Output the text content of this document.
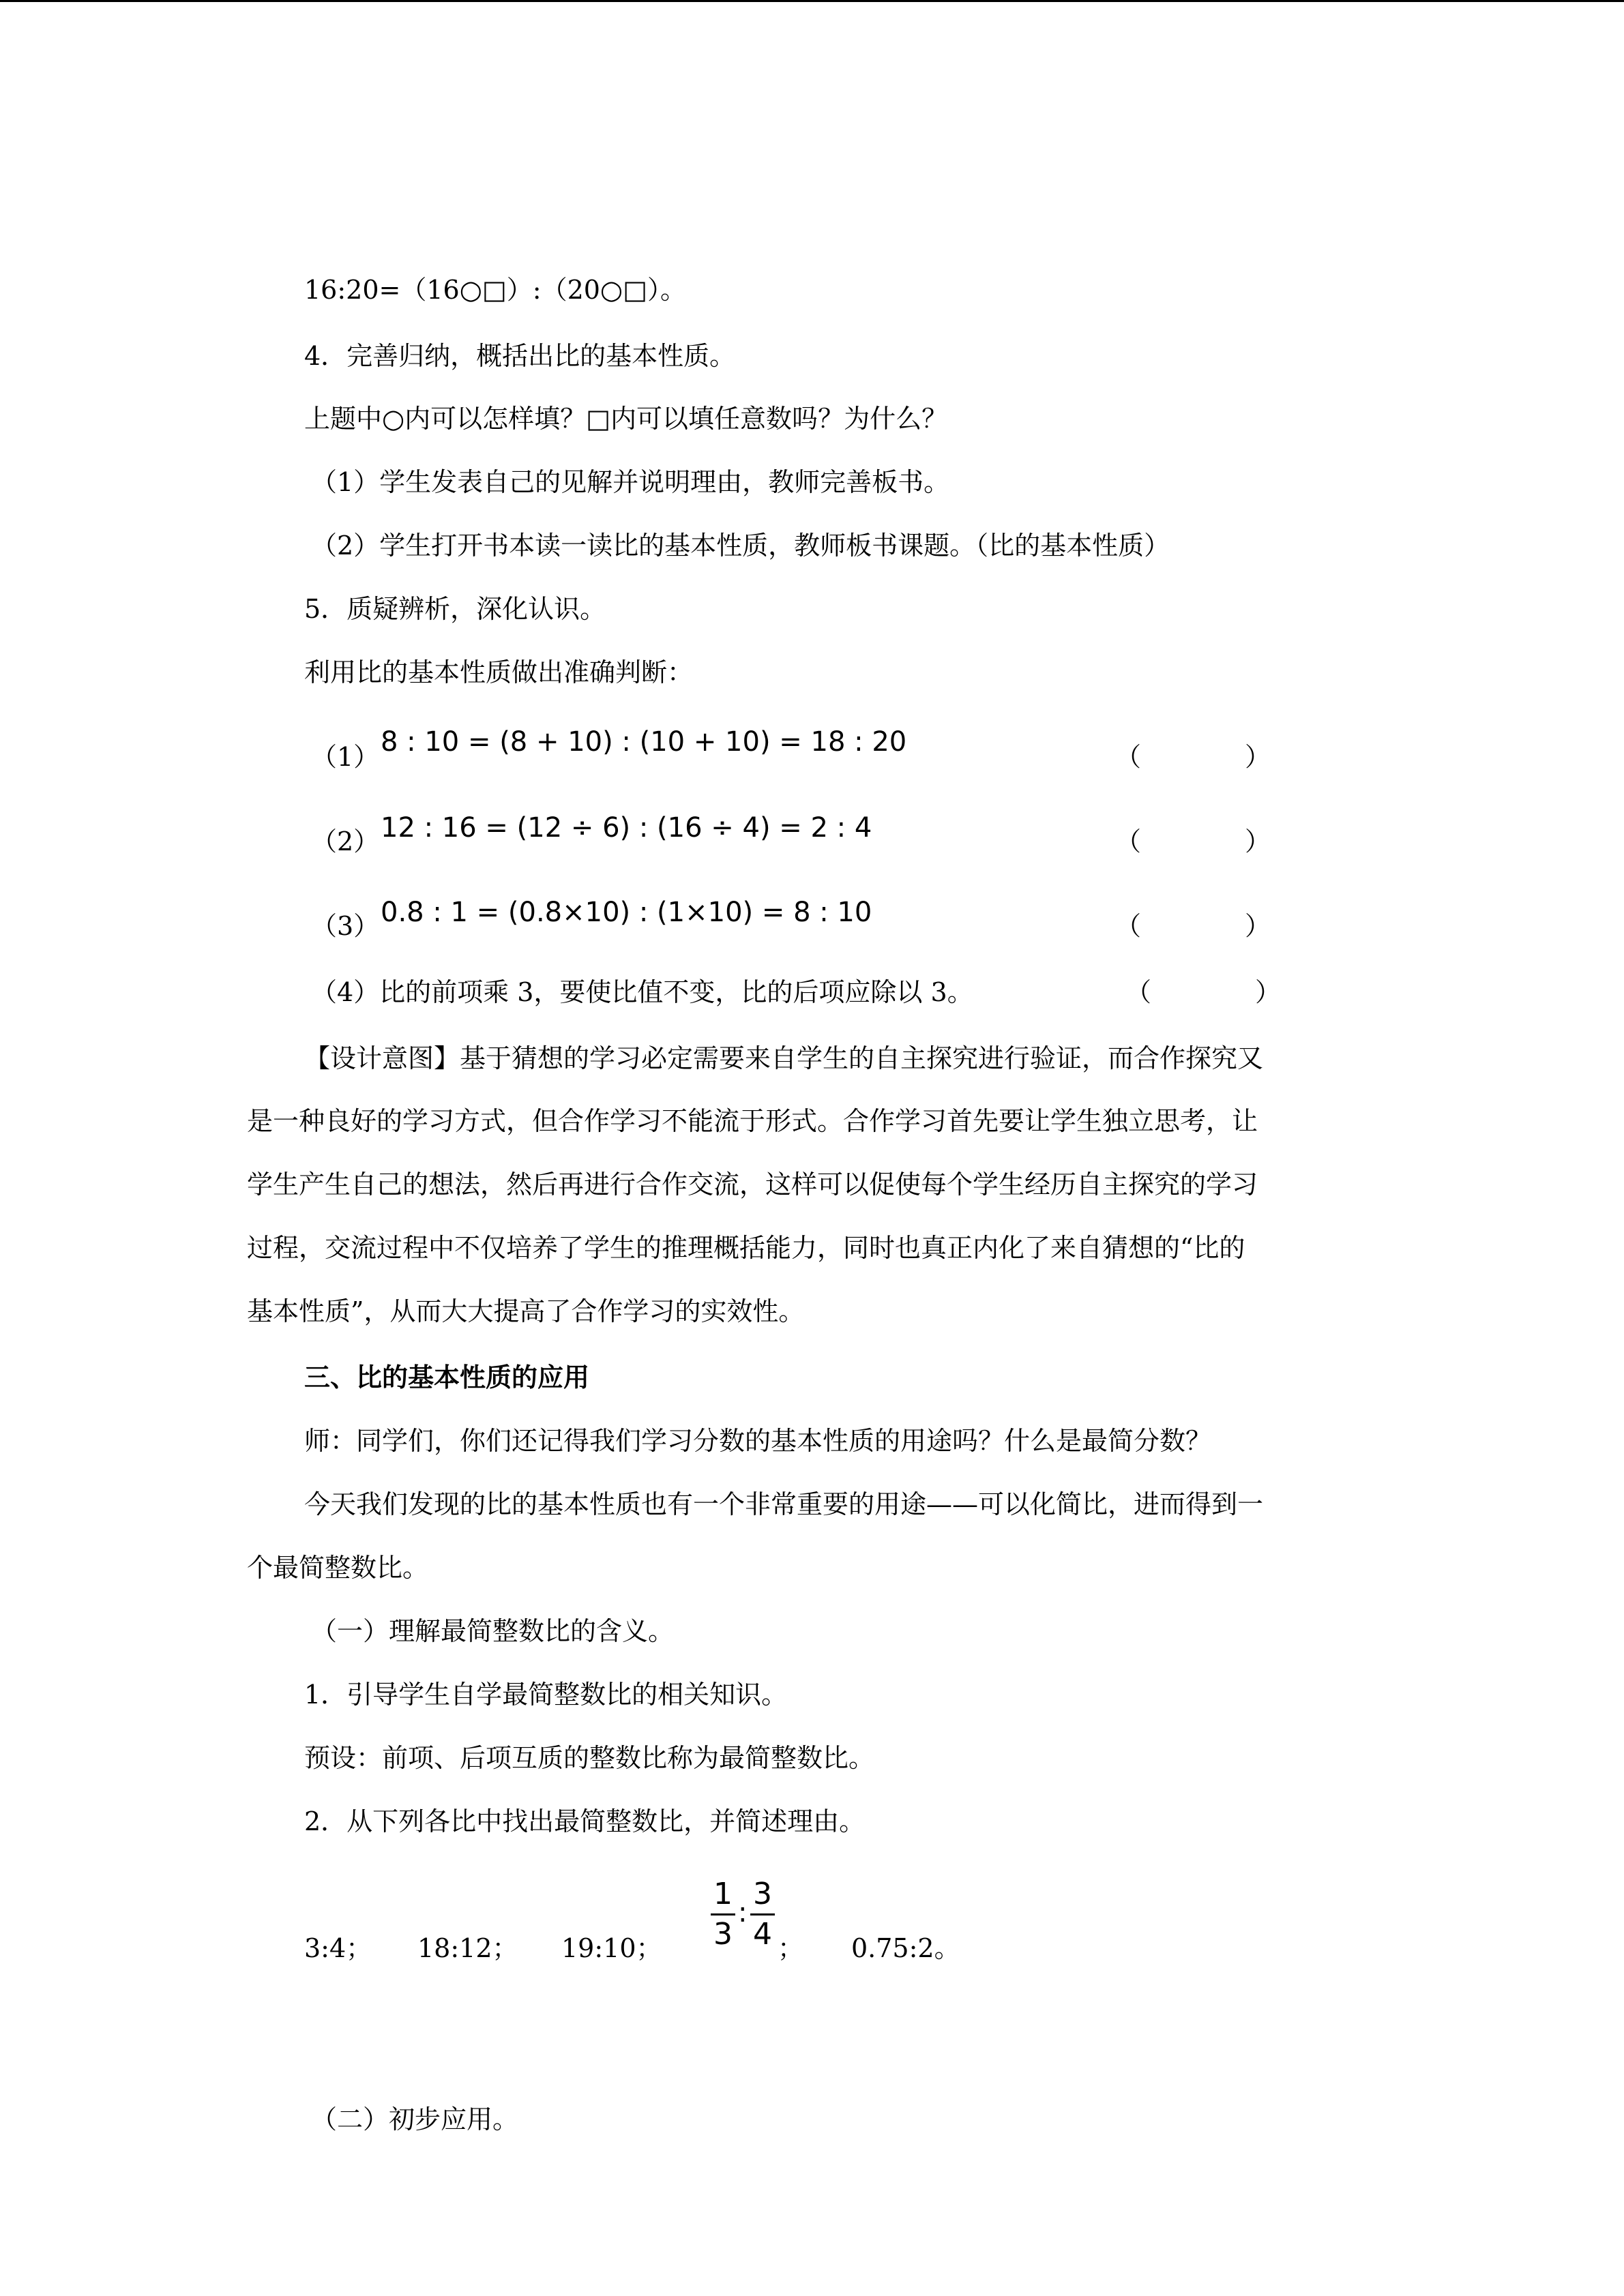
16:20=（16○□）:（20○□）。
4．完善归纳，概括出比的基本性质。
上题中○内可以怎样填？□内可以填任意数吗？为什么？
（1）学生发表自己的见解并说明理由，教师完善板书。
（2）学生打开书本读一读比的基本性质，教师板书课题。（比的基本性质）
5．质疑辨析，深化认识。
利用比的基本性质做出准确判断：
（1） 8 : 10 = (8 + 10) : (10 + 10) = 18 : 20	（　　　　）
（2） 12 : 16 = (12 ÷ 6) : (16 ÷ 4) = 2 : 4	（　　　　）
（3） 0.8 : 1 = (0.8×10) : (1×10) = 8 : 10	（　　　　）
（4）比的前项乘 3，要使比值不变，比的后项应除以 3。	（　　　　）
【设计意图】基于猜想的学习必定需要来自学生的自主探究进行验证，而合作探究又
是一种良好的学习方式，但合作学习不能流于形式。合作学习首先要让学生独立思考，让
学生产生自己的想法，然后再进行合作交流，这样可以促使每个学生经历自主探究的学习
过程，交流过程中不仅培养了学生的推理概括能力，同时也真正内化了来自猜想的“比的
基本性质”，从而大大提高了合作学习的实效性。
三、比的基本性质的应用
师：同学们，你们还记得我们学习分数的基本性质的用途吗？什么是最简分数？
今天我们发现的比的基本性质也有一个非常重要的用途——可以化简比，进而得到一
个最简整数比。
（一）理解最简整数比的含义。
1．引导学生自学最简整数比的相关知识。
预设：前项、后项互质的整数比称为最简整数比。
2．从下列各比中找出最简整数比，并简述理由。
3:4； 18:12； 19:10；
1
3
:
3
4 ； 0.75:2。
（二）初步应用。
